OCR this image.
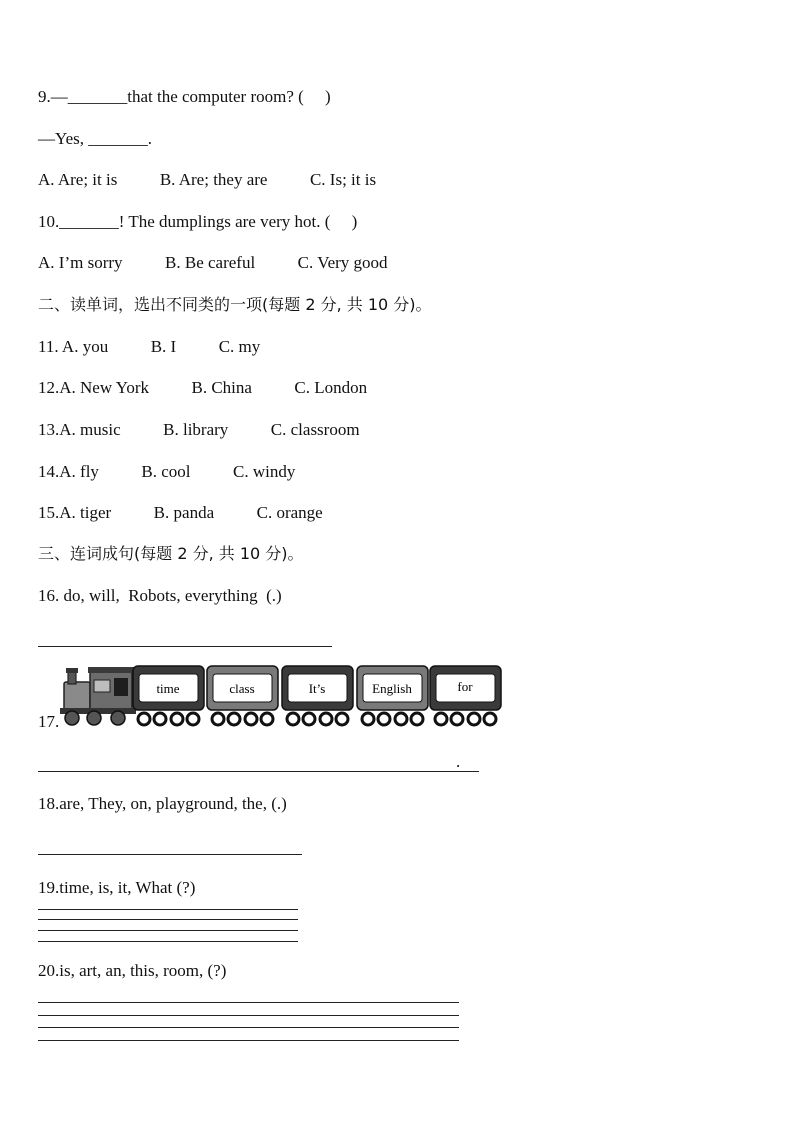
9.—_______that the computer room? (     )
—Yes, _______.
A. Are; it is          B. Are; they are          C. Is; it is
10._______! The dumplings are very hot. (     )
A. I’m sorry          B. Be careful          C. Very good
二、读单词，选出不同类的一项(每题 2 分, 共 10 分)。
11. A. you          B. I          C. my
12.A. New York          B. China          C. London
13.A. music          B. library          C. classroom
14.A. fly          B. cool          C. windy
15.A. tiger          B. panda          C. orange
三、连词成句(每题 2 分, 共 10 分)。
16. do, will,  Robots, everything  (.)
17.
time	class	It’s	English	for
.
18.are, They, on, playground, the, (.)
19.time, is, it, What (?)
20.is, art, an, this, room, (?)
